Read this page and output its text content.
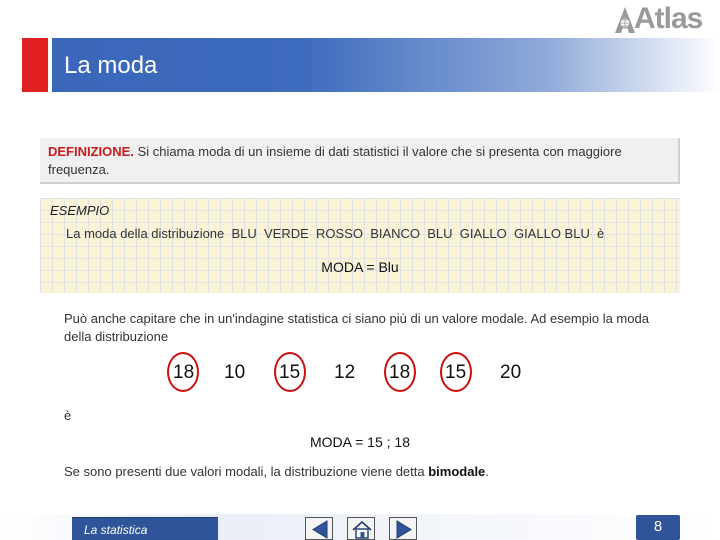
Atlas
La moda
DEFINIZIONE. Si chiama moda di un insieme di dati statistici il valore che si presenta con maggiore frequenza.
ESEMPIO
La moda della distribuzione  BLU  VERDE  ROSSO  BIANCO  BLU  GIALLO  GIALLO BLU  è
MODA = Blu
Può anche capitare che in un'indagine statistica ci siano più di un valore modale. Ad esempio la moda della distribuzione
18 10 15 12 18 15 20
è
MODA = 15 ; 18
Se sono presenti due valori modali, la distribuzione viene detta bimodale.
La statistica	8
